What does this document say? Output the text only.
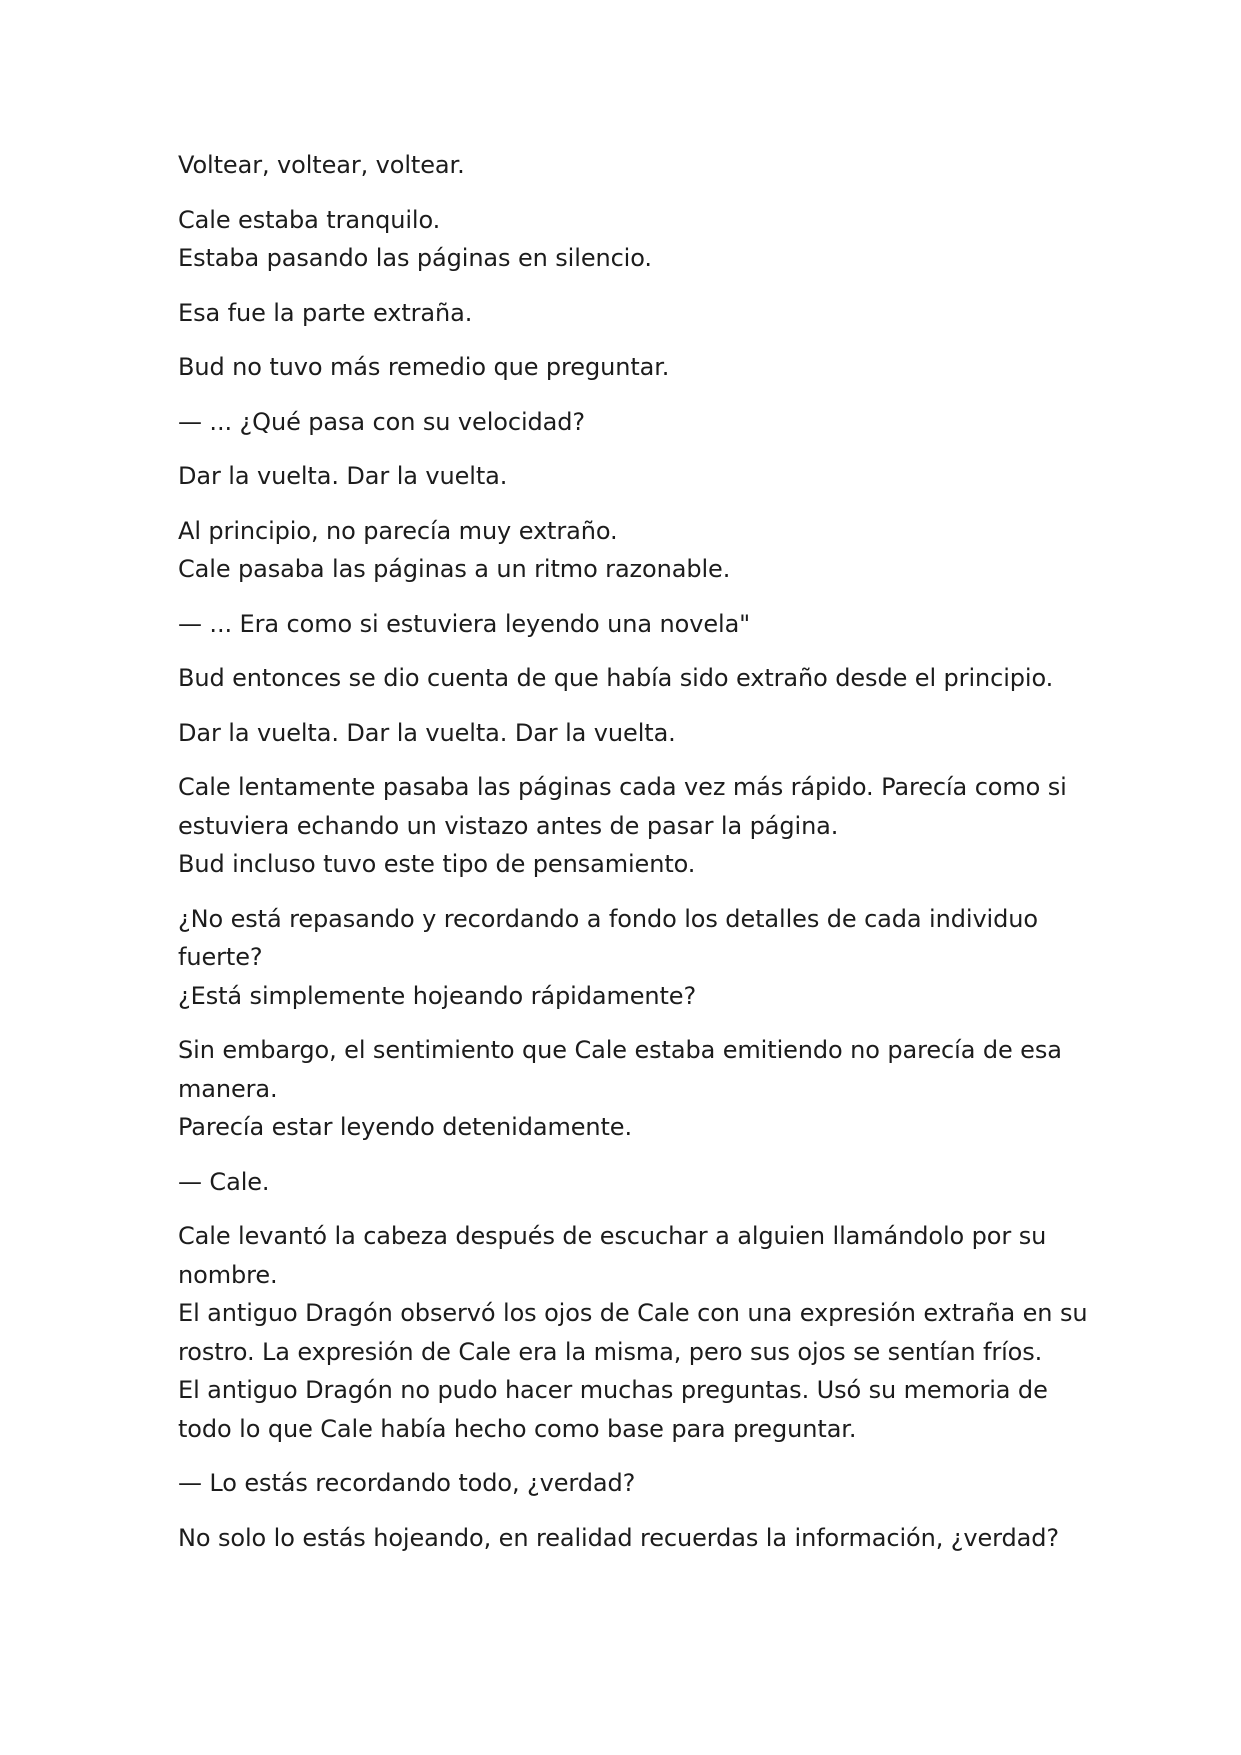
Voltear, voltear, voltear.

Cale estaba tranquilo.
Estaba pasando las páginas en silencio.

Esa fue la parte extraña.

Bud no tuvo más remedio que preguntar.

— ... ¿Qué pasa con su velocidad?

Dar la vuelta. Dar la vuelta.

Al principio, no parecía muy extraño.
Cale pasaba las páginas a un ritmo razonable.

— ... Era como si estuviera leyendo una novela"

Bud entonces se dio cuenta de que había sido extraño desde el principio.

Dar la vuelta. Dar la vuelta. Dar la vuelta.

Cale lentamente pasaba las páginas cada vez más rápido. Parecía como si
estuviera echando un vistazo antes de pasar la página.
Bud incluso tuvo este tipo de pensamiento.

¿No está repasando y recordando a fondo los detalles de cada individuo
fuerte?
¿Está simplemente hojeando rápidamente?

Sin embargo, el sentimiento que Cale estaba emitiendo no parecía de esa
manera.
Parecía estar leyendo detenidamente.

— Cale.

Cale levantó la cabeza después de escuchar a alguien llamándolo por su
nombre.
El antiguo Dragón observó los ojos de Cale con una expresión extraña en su
rostro. La expresión de Cale era la misma, pero sus ojos se sentían fríos.
El antiguo Dragón no pudo hacer muchas preguntas. Usó su memoria de
todo lo que Cale había hecho como base para preguntar.

— Lo estás recordando todo, ¿verdad?

No solo lo estás hojeando, en realidad recuerdas la información, ¿verdad?
